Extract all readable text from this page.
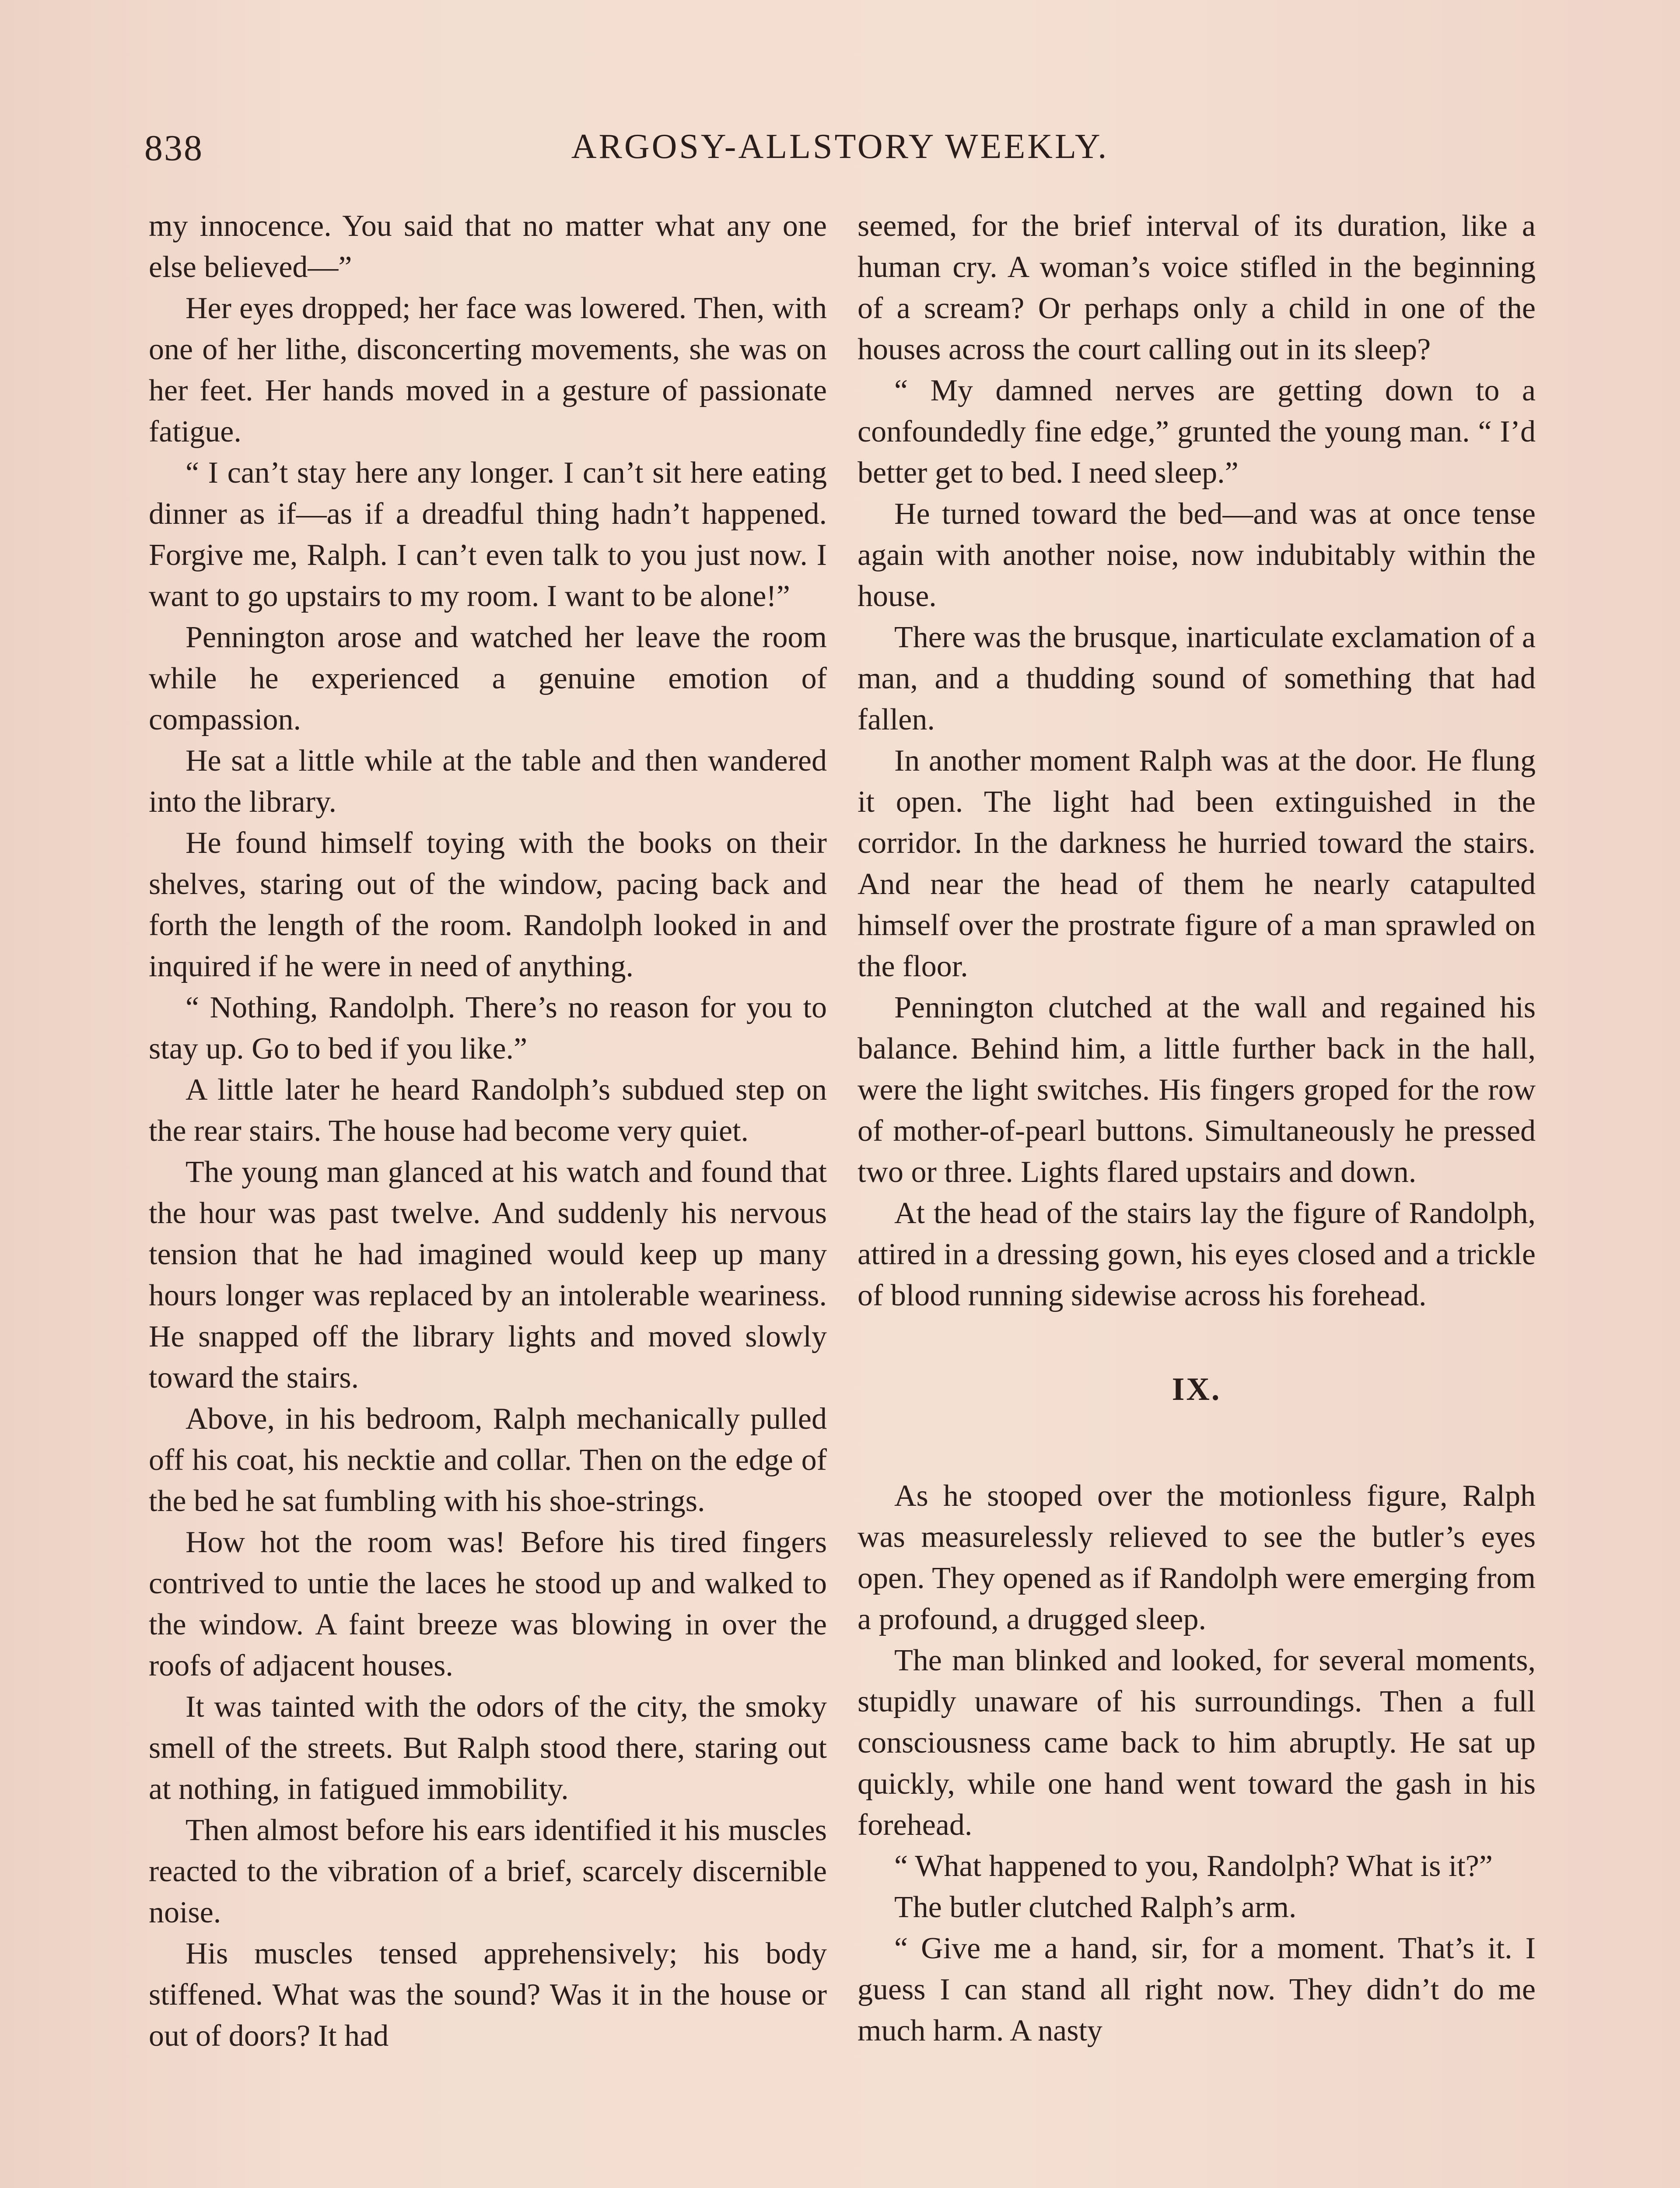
838	ARGOSY-ALLSTORY WEEKLY.

my innocence. You said that no matter what any one else believed—”

Her eyes dropped; her face was lowered. Then, with one of her lithe, disconcerting movements, she was on her feet. Her hands moved in a gesture of passionate fatigue.

“ I can’t stay here any longer. I can’t sit here eating dinner as if—as if a dreadful thing hadn’t happened. Forgive me, Ralph. I can’t even talk to you just now. I want to go upstairs to my room. I want to be alone!”

Pennington arose and watched her leave the room while he experienced a genuine emotion of compassion.

He sat a little while at the table and then wandered into the library.

He found himself toying with the books on their shelves, staring out of the window, pacing back and forth the length of the room. Randolph looked in and inquired if he were in need of anything.

“ Nothing, Randolph. There’s no reason for you to stay up. Go to bed if you like.”

A little later he heard Randolph’s subdued step on the rear stairs. The house had become very quiet.

The young man glanced at his watch and found that the hour was past twelve. And suddenly his nervous tension that he had imagined would keep up many hours longer was replaced by an intolerable weariness. He snapped off the library lights and moved slowly toward the stairs.

Above, in his bedroom, Ralph mechanically pulled off his coat, his necktie and collar. Then on the edge of the bed he sat fumbling with his shoe-strings.

How hot the room was! Before his tired fingers contrived to untie the laces he stood up and walked to the window. A faint breeze was blowing in over the roofs of adjacent houses.

It was tainted with the odors of the city, the smoky smell of the streets. But Ralph stood there, staring out at nothing, in fatigued immobility.

Then almost before his ears identified it his muscles reacted to the vibration of a brief, scarcely discernible noise.

His muscles tensed apprehensively; his body stiffened. What was the sound? Was it in the house or out of doors? It had

seemed, for the brief interval of its duration, like a human cry. A woman’s voice stifled in the beginning of a scream? Or perhaps only a child in one of the houses across the court calling out in its sleep?

“ My damned nerves are getting down to a confoundedly fine edge,” grunted the young man. “ I’d better get to bed. I need sleep.”

He turned toward the bed—and was at once tense again with another noise, now indubitably within the house.

There was the brusque, inarticulate exclamation of a man, and a thudding sound of something that had fallen.

In another moment Ralph was at the door. He flung it open. The light had been extinguished in the corridor. In the darkness he hurried toward the stairs. And near the head of them he nearly catapulted himself over the prostrate figure of a man sprawled on the floor.

Pennington clutched at the wall and regained his balance. Behind him, a little further back in the hall, were the light switches. His fingers groped for the row of mother-of-pearl buttons. Simultaneously he pressed two or three. Lights flared upstairs and down.

At the head of the stairs lay the figure of Randolph, attired in a dressing gown, his eyes closed and a trickle of blood running sidewise across his forehead.

IX.

As he stooped over the motionless figure, Ralph was measurelessly relieved to see the butler’s eyes open. They opened as if Randolph were emerging from a profound, a drugged sleep.

The man blinked and looked, for several moments, stupidly unaware of his surroundings. Then a full consciousness came back to him abruptly. He sat up quickly, while one hand went toward the gash in his forehead.

“ What happened to you, Randolph? What is it?”

The butler clutched Ralph’s arm.

“ Give me a hand, sir, for a moment. That’s it. I guess I can stand all right now. They didn’t do me much harm. A nasty
